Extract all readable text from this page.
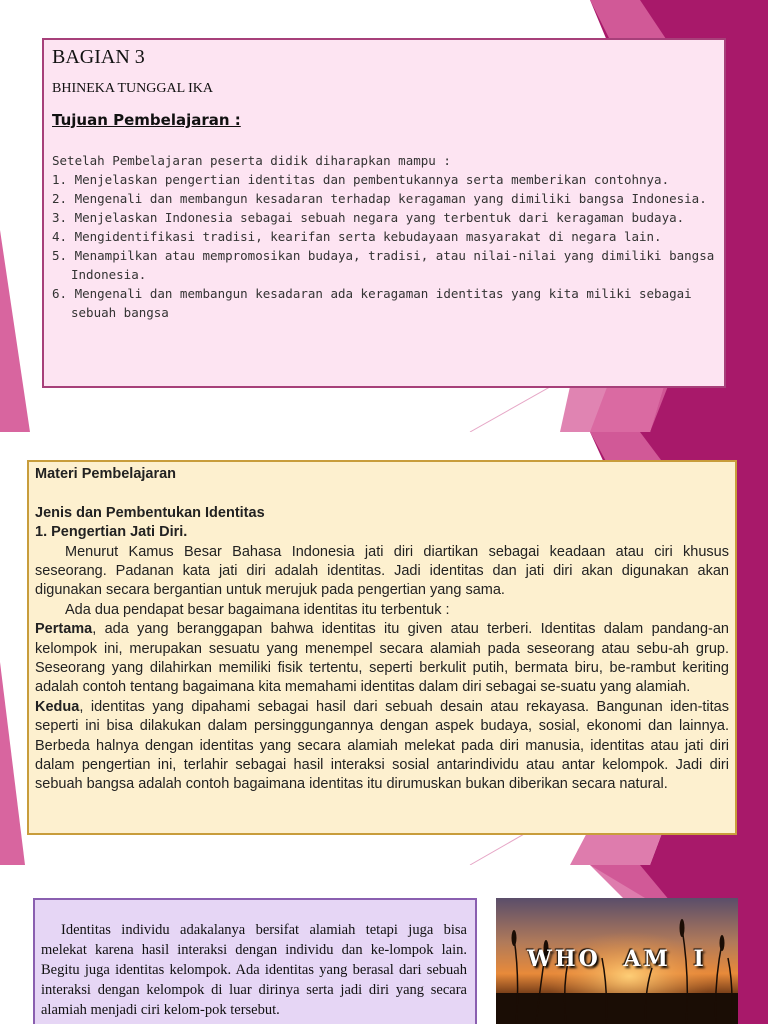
BAGIAN 3
BHINEKA TUNGGAL IKA
Tujuan Pembelajaran :

Setelah Pembelajaran peserta didik diharapkan mampu :

1. Menjelaskan pengertian identitas dan pembentukannya serta memberikan contohnya.
2. Mengenali dan membangun kesadaran terhadap keragaman yang dimiliki bangsa Indonesia.
3. Menjelaskan Indonesia sebagai sebuah negara yang terbentuk dari keragaman budaya.
4. Mengidentifikasi tradisi, kearifan serta kebudayaan masyarakat di negara lain.
5. Menampilkan atau mempromosikan budaya, tradisi, atau nilai-nilai yang dimiliki bangsa Indonesia.
6. Mengenali dan membangun kesadaran ada keragaman identitas yang kita miliki sebagai sebuah bangsa

Materi Pembelajaran

Jenis dan Pembentukan Identitas

1. Pengertian Jati Diri.

Menurut Kamus Besar Bahasa Indonesia jati diri diartikan sebagai keadaan atau ciri khusus seseorang. Padanan kata jati diri adalah identitas. Jadi identitas dan jati diri akan digunakan akan digunakan secara bergantian untuk merujuk pada pengertian yang sama.

Ada dua pendapat besar bagaimana identitas itu terbentuk :

Pertama, ada yang beranggapan bahwa identitas itu given atau terberi. Identitas dalam pandang-an kelompok ini, merupakan sesuatu yang menempel secara alamiah pada seseorang atau sebu-ah grup. Seseorang yang dilahirkan memiliki fisik tertentu, seperti berkulit putih, bermata biru, be-rambut keriting adalah contoh tentang bagaimana kita memahami identitas dalam diri sebagai se-suatu yang alamiah.

Kedua, identitas yang dipahami sebagai hasil dari sebuah desain atau rekayasa. Bangunan iden-titas seperti ini bisa dilakukan dalam persinggungannya dengan aspek budaya, sosial, ekonomi dan lainnya. Berbeda halnya dengan identitas yang secara alamiah melekat pada diri manusia, identitas atau jati diri dalam pengertian ini, terlahir sebagai hasil interaksi sosial antarindividu atau antar kelompok. Jadi diri sebuah bangsa adalah contoh bagaimana identitas itu dirumuskan bukan diberikan secara natural.

Identitas individu adakalanya bersifat alamiah tetapi juga bisa melekat karena hasil interaksi dengan individu dan ke-lompok lain. Begitu juga identitas kelompok. Ada identitas yang berasal dari sebuah interaksi dengan kelompok di luar dirinya serta jadi diri yang secara alamiah menjadi ciri kelom-pok tersebut.

WHO AM I
